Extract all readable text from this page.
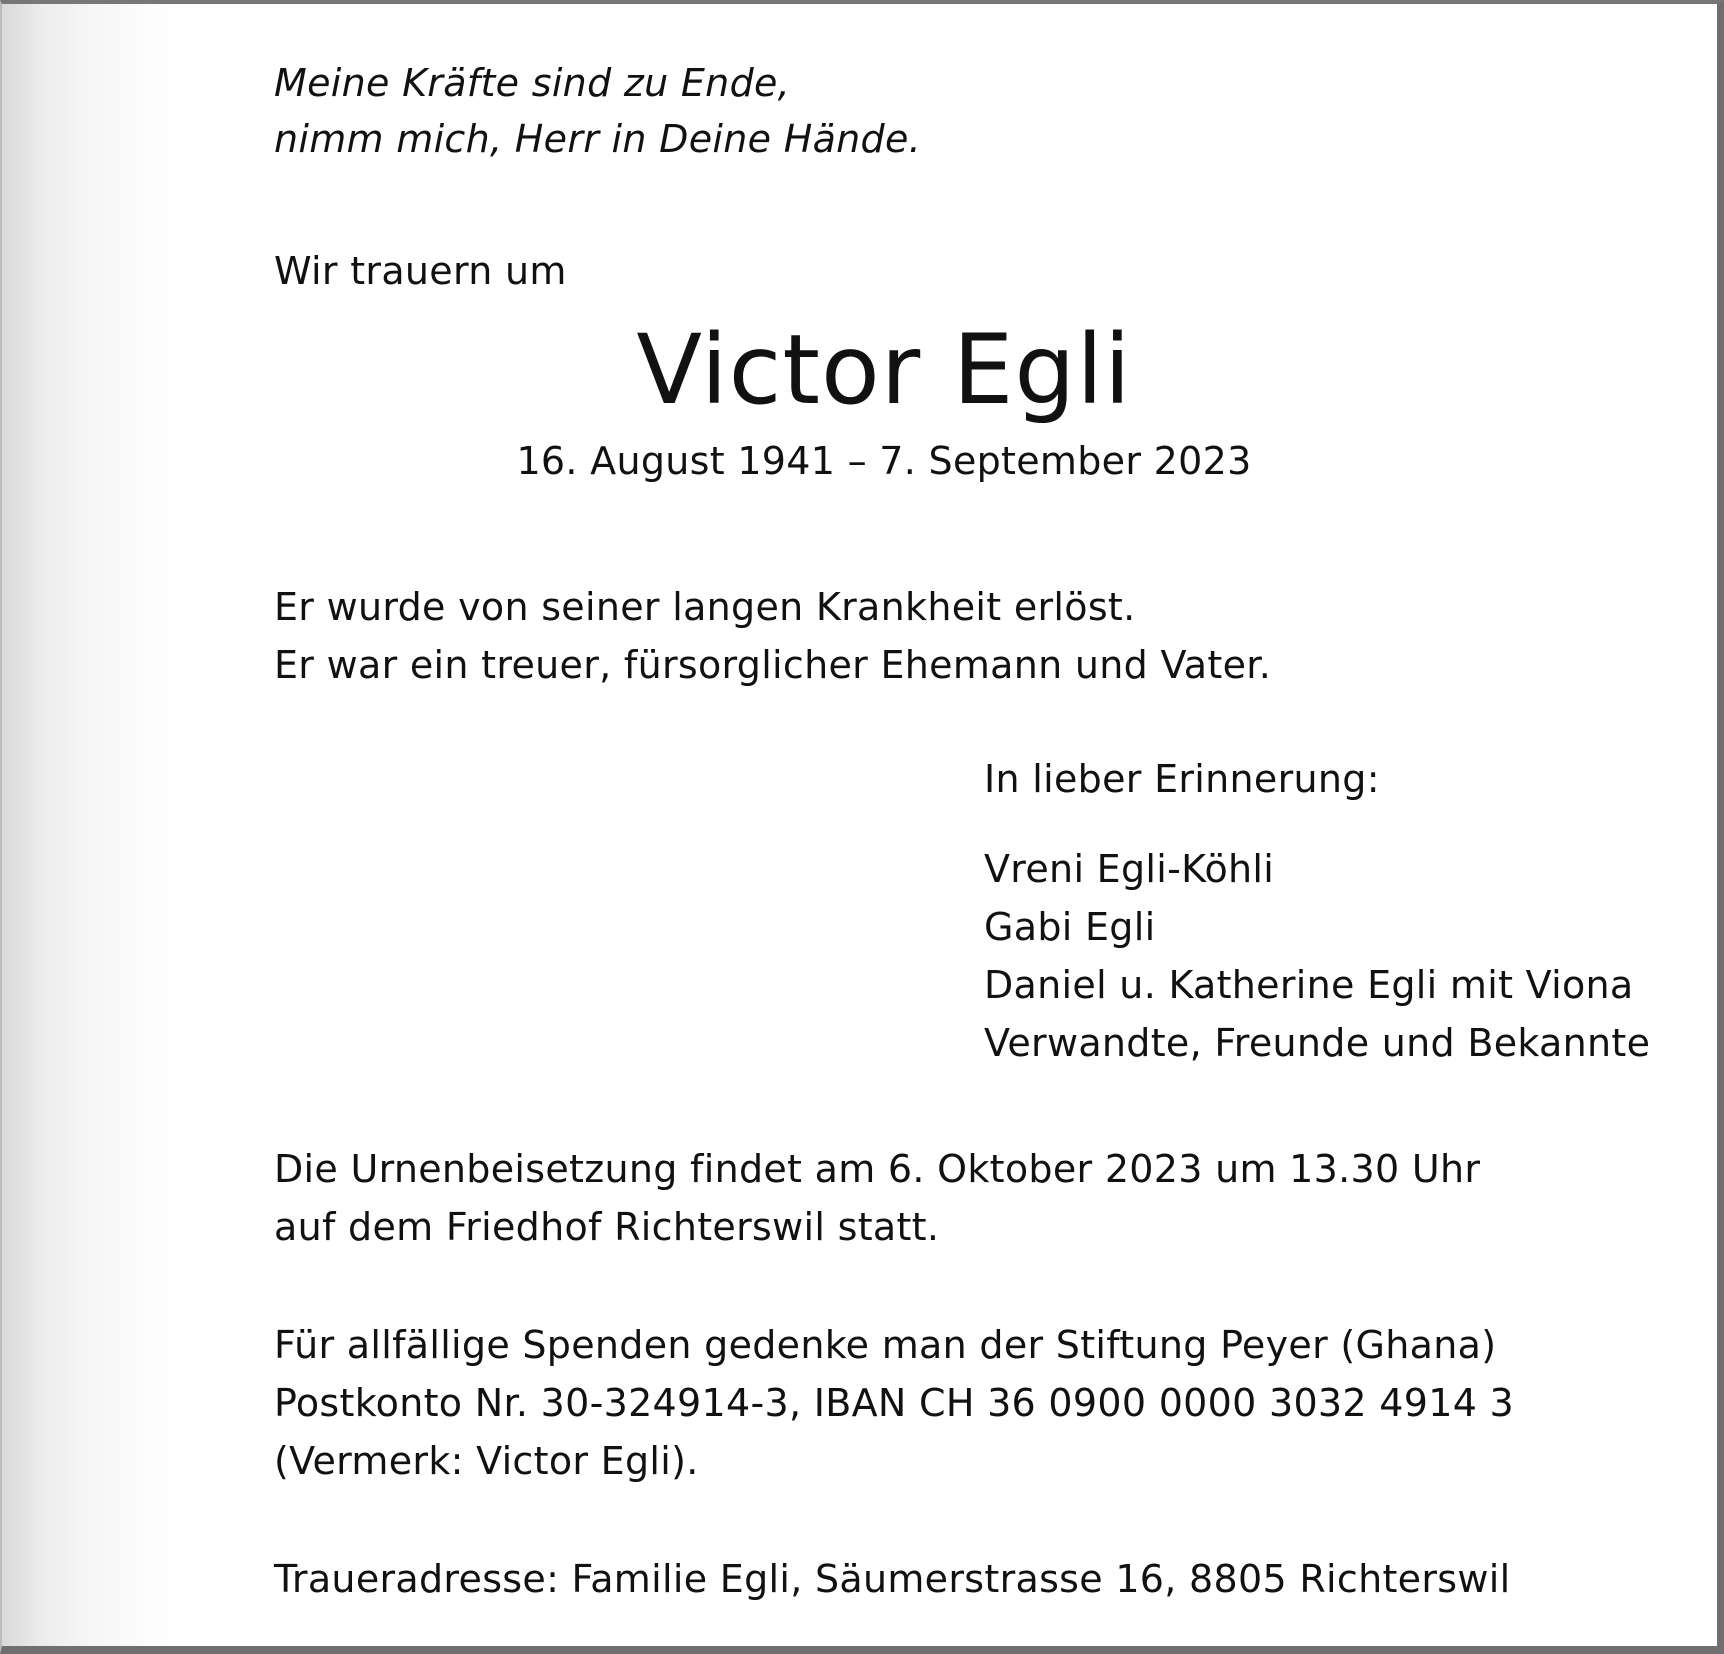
Meine Kräfte sind zu Ende,
nimm mich, Herr in Deine Hände.
Wir trauern um
Victor Egli
16. August 1941 – 7. September 2023
Er wurde von seiner langen Krankheit erlöst.
Er war ein treuer, fürsorglicher Ehemann und Vater.
In lieber Erinnerung:
Vreni Egli-Köhli
Gabi Egli
Daniel u. Katherine Egli mit Viona
Verwandte, Freunde und Bekannte
Die Urnenbeisetzung findet am 6. Oktober 2023 um 13.30 Uhr
auf dem Friedhof Richterswil statt.
Für allfällige Spenden gedenke man der Stiftung Peyer (Ghana)
Postkonto Nr. 30-324914-3, IBAN CH 36 0900 0000 3032 4914 3
(Vermerk: Victor Egli).
Traueradresse: Familie Egli, Säumerstrasse 16, 8805 Richterswil
